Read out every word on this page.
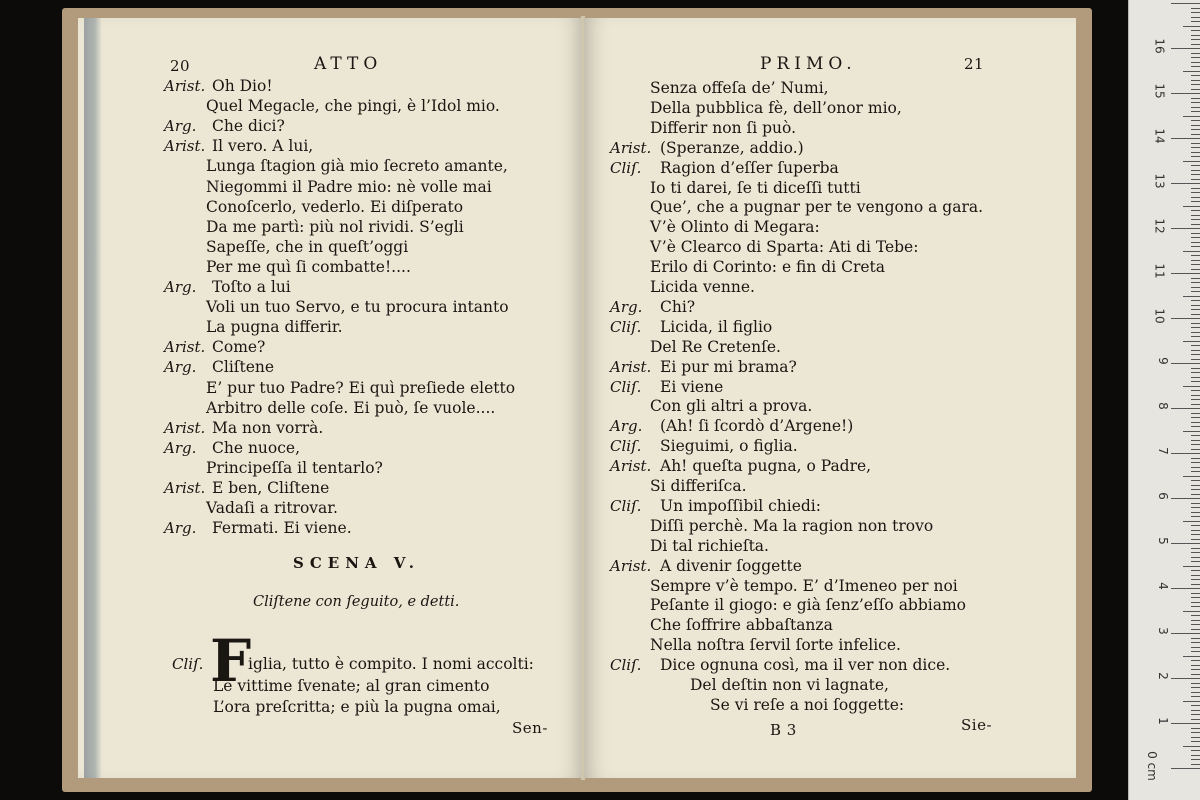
20	ATTO
Arist. Oh Dio!
Quel Megacle, che pingi, è l’Idol mio.
Arg. Che dici?
Arist. Il vero. A lui,
Lunga ſtagion già mio ſecreto amante,
Niegommi il Padre mio: nè volle mai
Conoſcerlo, vederlo. Ei diſperato
Da me partì: più nol rividi. S’egli
Sapeſſe, che in queſt’oggi
Per me quì ſi combatte!....
Arg. Toſto a lui
Voli un tuo Servo, e tu procura intanto
La pugna differir.
Arist. Come?
Arg. Cliſtene
E’ pur tuo Padre? Ei quì preſiede eletto
Arbitro delle coſe. Ei può, ſe vuole....
Arist. Ma non vorrà.
Arg. Che nuoce,
Principeſſa il tentarlo?
Arist. E ben, Cliſtene
Vadaſi a ritrovar.
Arg. Fermati. Ei viene.
SCENA V.
Cliſtene con ſeguito, e detti.
Cliſ. F
iglia, tutto è compito. I nomi accolti:
Le vittime ſvenate; al gran cimento
L’ora preſcritta; e più la pugna omai,
Sen-
PRIMO.	21
Senza offeſa de’ Numi,
Della pubblica fè, dell’onor mio,
Differir non ſi può.
Arist. (Speranze, addio.)
Cliſ. Ragion d’eſſer ſuperba
Io ti darei, ſe ti diceſſi tutti
Que’, che a pugnar per te vengono a gara.
V’è Olinto di Megara:
V’è Clearco di Sparta: Ati di Tebe:
Erilo di Corinto: e fin di Creta
Licida venne.
Arg. Chi?
Cliſ. Licida, il figlio
Del Re Cretenſe.
Arist. Ei pur mi brama?
Cliſ. Ei viene
Con gli altri a prova.
Arg. (Ah! ſi ſcordò d’Argene!)
Cliſ. Sieguimi, o figlia.
Arist. Ah! queſta pugna, o Padre,
Si differiſca.
Cliſ. Un impoſſibil chiedi:
Diſſi perchè. Ma la ragion non trovo
Di tal richieſta.
Arist. A divenir ſoggette
Sempre v’è tempo. E’ d’Imeneo per noi
Peſante il giogo: e già ſenz’eſſo abbiamo
Che ſoffrire abbaſtanza
Nella noſtra ſervil ſorte infelice.
Cliſ. Dice ognuna così, ma il ver non dice.
Del deſtin non vi lagnate,
Se vi reſe a noi ſoggette:
B 3	Sie-
0 cm
1
2
3
4
5
6
7
8
9
10
11
12
13
14
15
16
